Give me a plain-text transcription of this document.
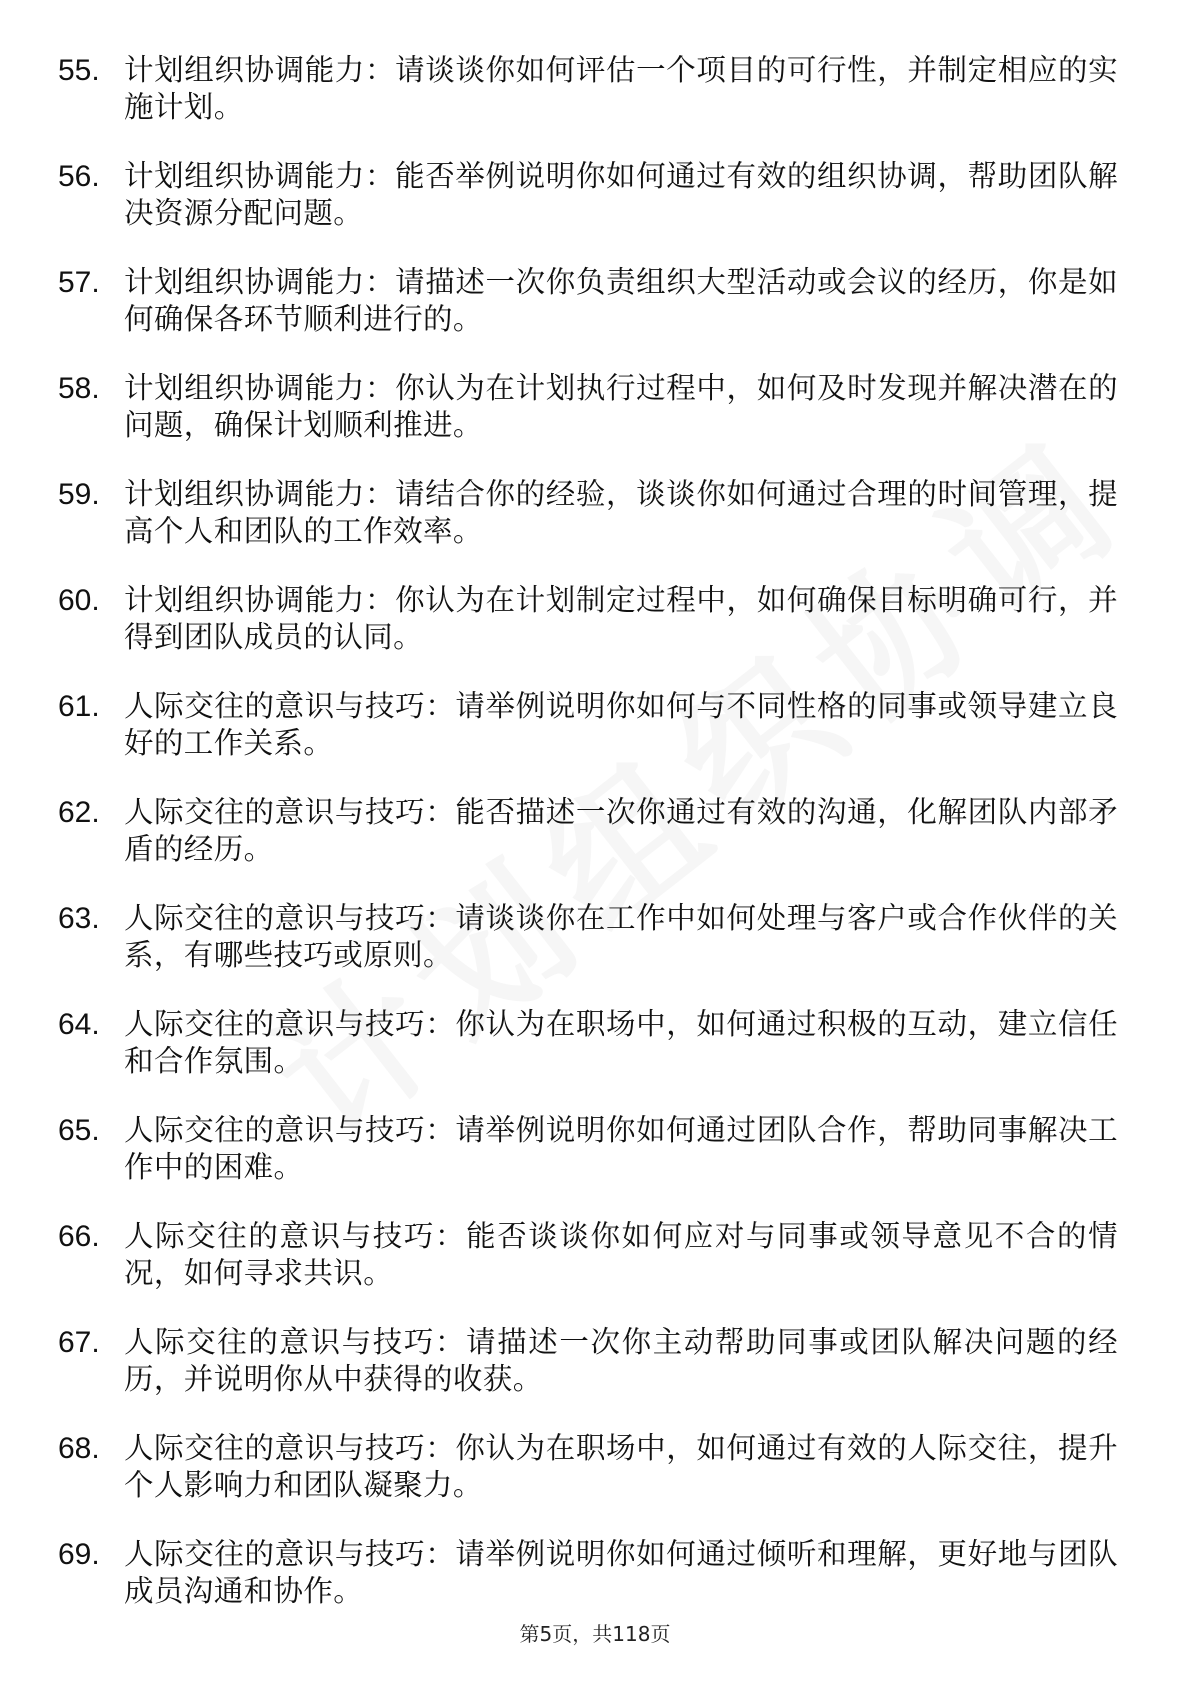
55. 计划组织协调能力：请谈谈你如何评估一个项目的可行性，并制定相应的实施计划。
56. 计划组织协调能力：能否举例说明你如何通过有效的组织协调，帮助团队解决资源分配问题。
57. 计划组织协调能力：请描述一次你负责组织大型活动或会议的经历，你是如何确保各环节顺利进行的。
58. 计划组织协调能力：你认为在计划执行过程中，如何及时发现并解决潜在的问题，确保计划顺利推进。
59. 计划组织协调能力：请结合你的经验，谈谈你如何通过合理的时间管理，提高个人和团队的工作效率。
60. 计划组织协调能力：你认为在计划制定过程中，如何确保目标明确可行，并得到团队成员的认同。
61. 人际交往的意识与技巧：请举例说明你如何与不同性格的同事或领导建立良好的工作关系。
62. 人际交往的意识与技巧：能否描述一次你通过有效的沟通，化解团队内部矛盾的经历。
63. 人际交往的意识与技巧：请谈谈你在工作中如何处理与客户或合作伙伴的关系，有哪些技巧或原则。
64. 人际交往的意识与技巧：你认为在职场中，如何通过积极的互动，建立信任和合作氛围。
65. 人际交往的意识与技巧：请举例说明你如何通过团队合作，帮助同事解决工作中的困难。
66. 人际交往的意识与技巧：能否谈谈你如何应对与同事或领导意见不合的情况，如何寻求共识。
67. 人际交往的意识与技巧：请描述一次你主动帮助同事或团队解决问题的经历，并说明你从中获得的收获。
68. 人际交往的意识与技巧：你认为在职场中，如何通过有效的人际交往，提升个人影响力和团队凝聚力。
69. 人际交往的意识与技巧：请举例说明你如何通过倾听和理解，更好地与团队成员沟通和协作。
第5页，共118页
